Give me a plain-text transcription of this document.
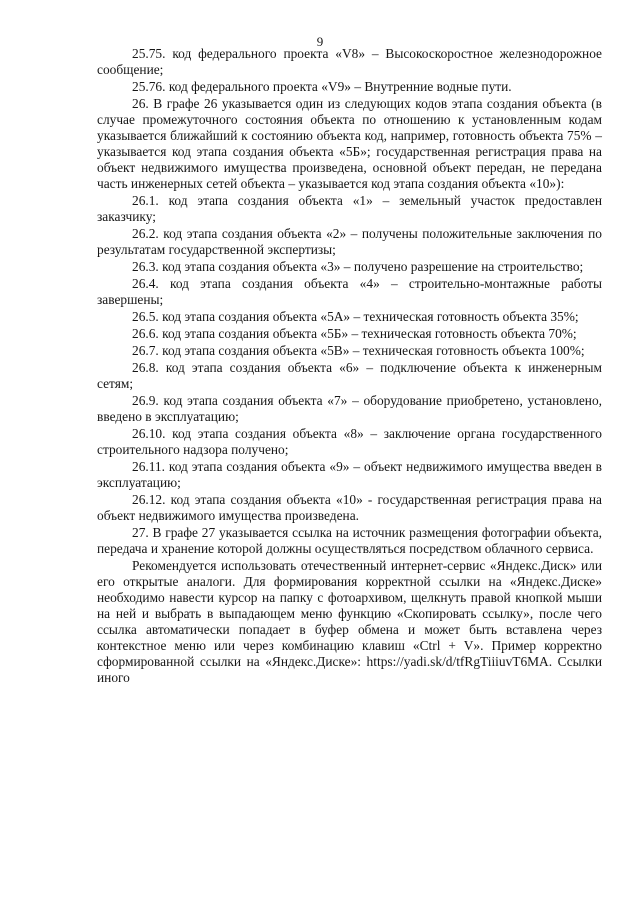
9

25.75. код федерального проекта «V8» – Высокоскоростное железнодорожное сообщение;

25.76. код федерального проекта «V9» – Внутренние водные пути.

26. В графе 26 указывается один из следующих кодов этапа создания объекта (в случае промежуточного состояния объекта по отношению к установленным кодам указывается ближайший к состоянию объекта код, например, готовность объекта 75% – указывается код этапа создания объекта «5Б»; государственная регистрация права на объект недвижимого имущества произведена, основной объект передан, не передана часть инженерных сетей объекта – указывается код этапа создания объекта «10»):

26.1. код этапа создания объекта «1» – земельный участок предоставлен заказчику;

26.2. код этапа создания объекта «2» – получены положительные заключения по результатам государственной экспертизы;

26.3. код этапа создания объекта «3» – получено разрешение на строительство;

26.4. код этапа создания объекта «4» – строительно-монтажные работы завершены;

26.5. код этапа создания объекта «5А» – техническая готовность объекта 35%;

26.6. код этапа создания объекта «5Б» – техническая готовность объекта 70%;

26.7. код этапа создания объекта «5В» – техническая готовность объекта 100%;

26.8. код этапа создания объекта «6» – подключение объекта к инженерным сетям;

26.9. код этапа создания объекта «7» – оборудование приобретено, установлено, введено в эксплуатацию;

26.10. код этапа создания объекта «8» – заключение органа государственного строительного надзора получено;

26.11. код этапа создания объекта «9» – объект недвижимого имущества введен в эксплуатацию;

26.12. код этапа создания объекта «10» - государственная регистрация права на объект недвижимого имущества произведена.

27. В графе 27 указывается ссылка на источник размещения фотографии объекта, передача и хранение которой должны осуществляться посредством облачного сервиса.

Рекомендуется использовать отечественный интернет-сервис «Яндекс.Диск» или его открытые аналоги. Для формирования корректной ссылки на «Яндекс.Диске» необходимо навести курсор на папку с фотоархивом, щелкнуть правой кнопкой мыши на ней и выбрать в выпадающем меню функцию «Скопировать ссылку», после чего ссылка автоматически попадает в буфер обмена и может быть вставлена через контекстное меню или через комбинацию клавиш «Ctrl + V». Пример корректно сформированной ссылки на «Яндекс.Диске»: https://yadi.sk/d/tfRgTiiiuvT6MA. Ссылки иного
